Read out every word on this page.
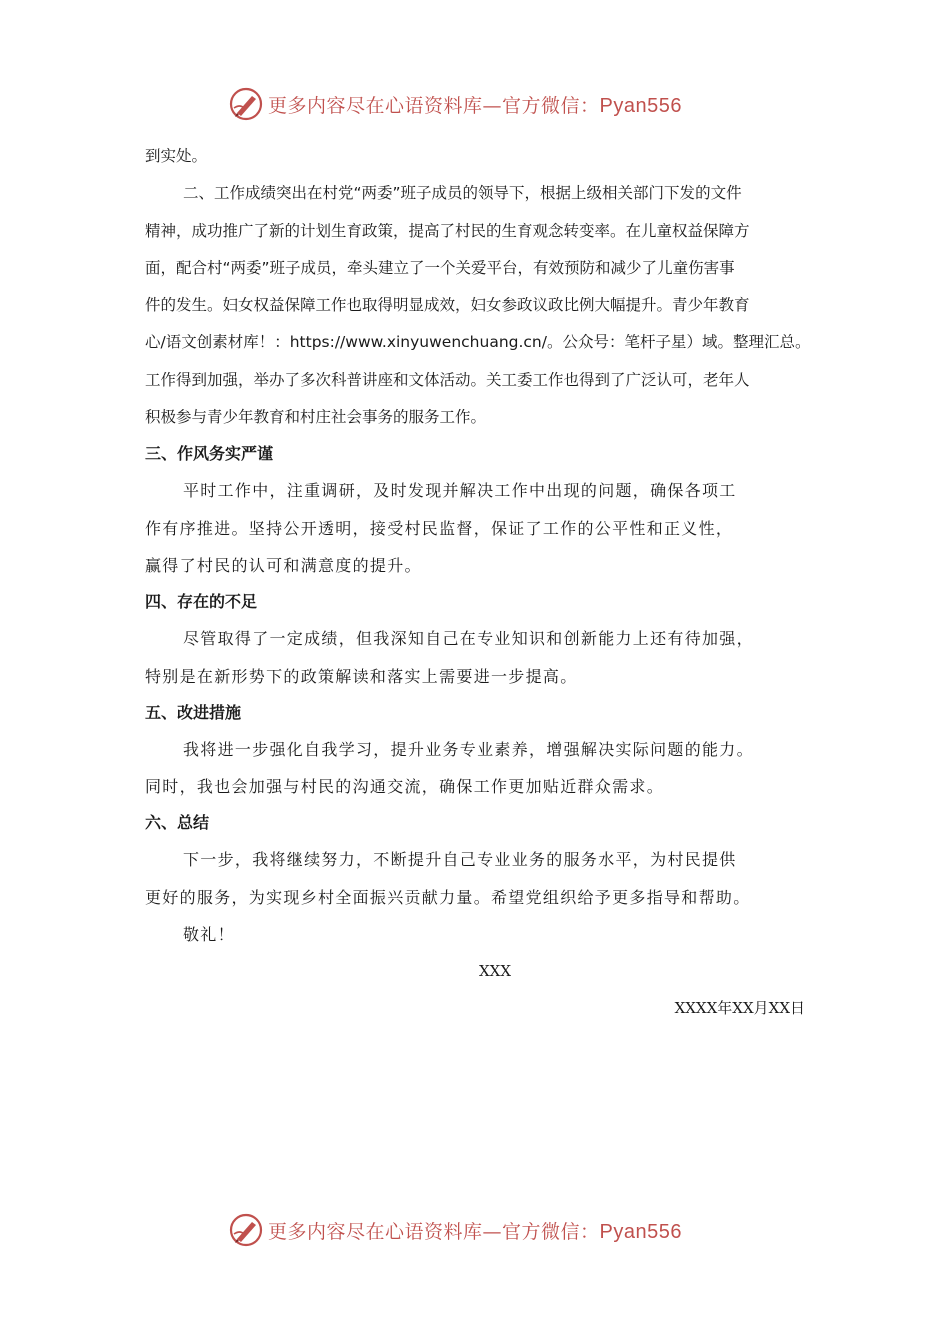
更多内容尽在心语资料库—官方微信：Pyan556

到实处。

二、工作成绩突出在村党“两委”班子成员的领导下，根据上级相关部门下发的文件

精神，成功推广了新的计划生育政策，提高了村民的生育观念转变率。在儿童权益保障方

面，配合村“两委”班子成员，牵头建立了一个关爱平台，有效预防和减少了儿童伤害事

件的发生。妇女权益保障工作也取得明显成效，妇女参政议政比例大幅提升。青少年教育

心/语文创素材库！：https://www.xinyuwenchuang.cn/。公众号：笔杆子星）域。整理汇总。

工作得到加强，举办了多次科普讲座和文体活动。关工委工作也得到了广泛认可，老年人

积极参与青少年教育和村庄社会事务的服务工作。

三、作风务实严谨

平时工作中，注重调研，及时发现并解决工作中出现的问题，确保各项工

作有序推进。坚持公开透明，接受村民监督，保证了工作的公平性和正义性，

赢得了村民的认可和满意度的提升。

四、存在的不足

尽管取得了一定成绩，但我深知自己在专业知识和创新能力上还有待加强，

特别是在新形势下的政策解读和落实上需要进一步提高。

五、改进措施

我将进一步强化自我学习，提升业务专业素养，增强解决实际问题的能力。

同时，我也会加强与村民的沟通交流，确保工作更加贴近群众需求。

六、总结

下一步，我将继续努力，不断提升自己专业业务的服务水平，为村民提供

更好的服务，为实现乡村全面振兴贡献力量。希望党组织给予更多指导和帮助。

敬礼！

XXX
XXXX年XX月XX日
更多内容尽在心语资料库—官方微信：Pyan556
